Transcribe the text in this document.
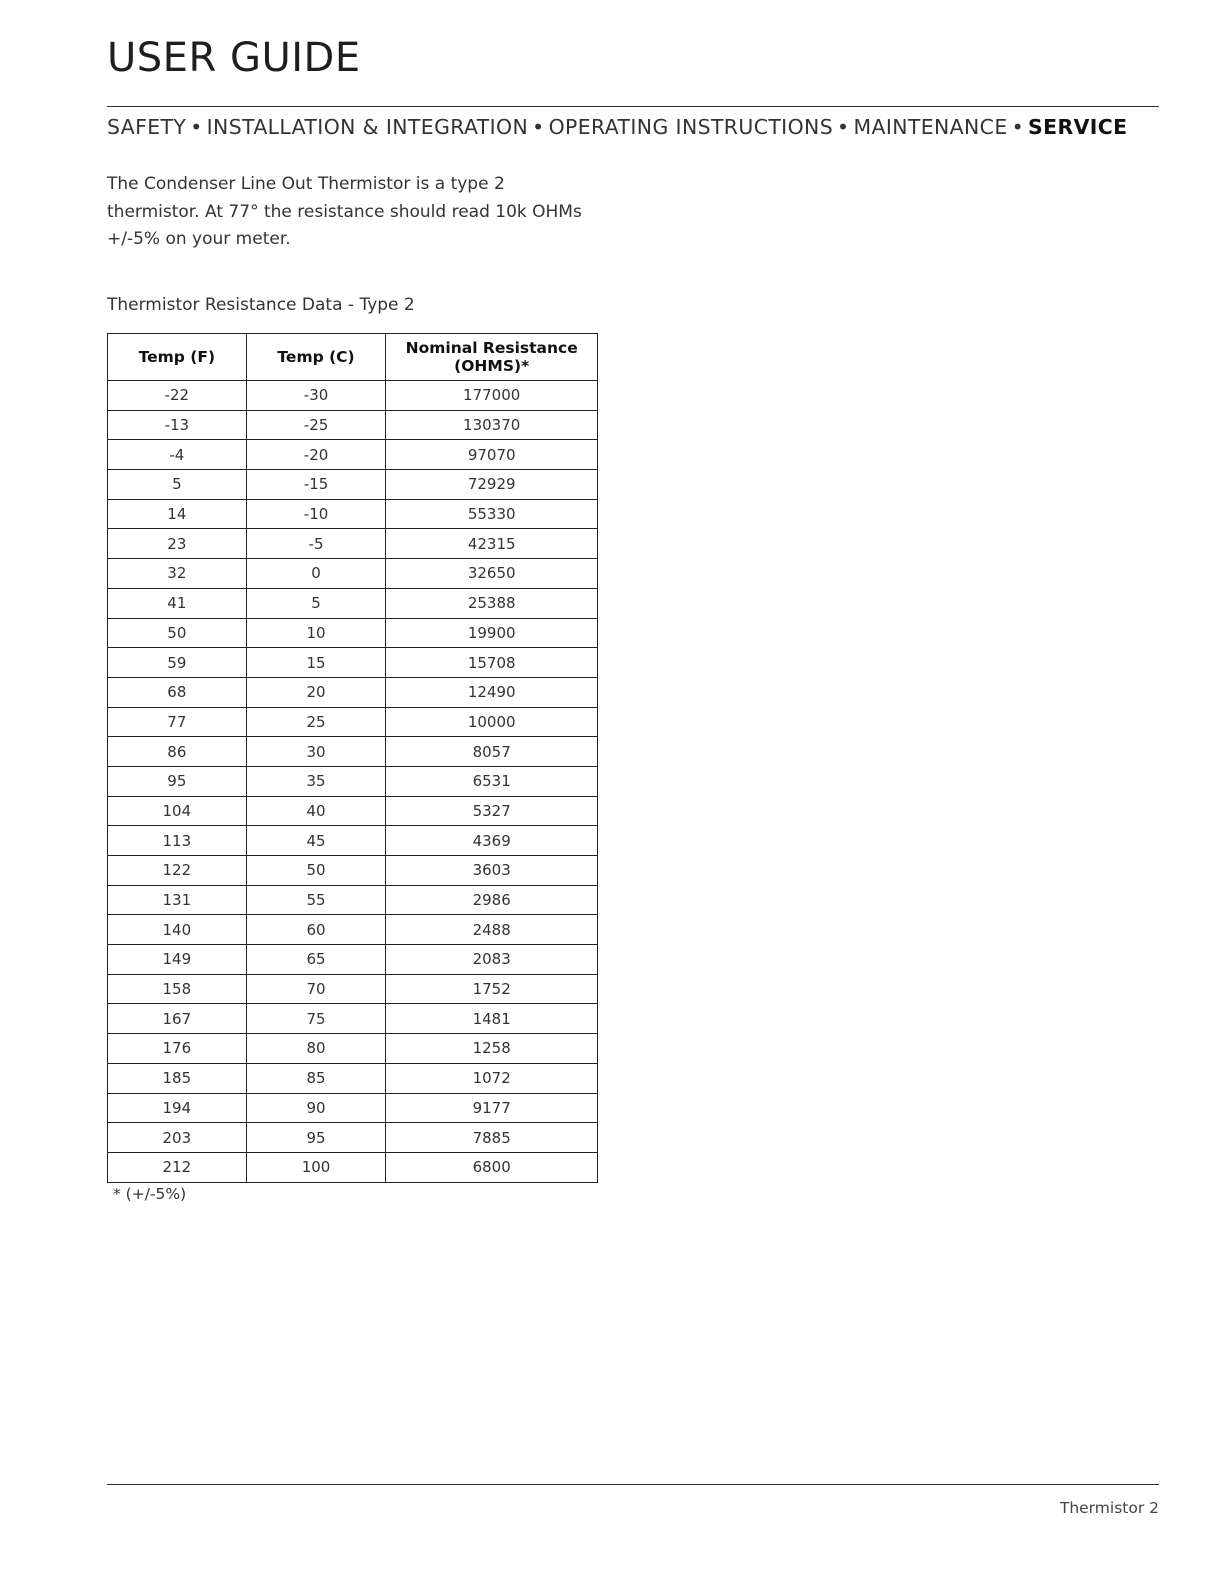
USER GUIDE
SAFETY • INSTALLATION & INTEGRATION • OPERATING INSTRUCTIONS • MAINTENANCE • SERVICE

The Condenser Line Out Thermistor is a type 2
thermistor. At 77° the resistance should read 10k OHMs
+/-5% on your meter.

Thermistor Resistance Data - Type 2
Temp (F)	Temp (C)	Nominal Resistance
(OHMS)*
-22	-30	177000
-13	-25	130370
-4	-20	97070
5	-15	72929
14	-10	55330
23	-5	42315
32	0	32650
41	5	25388
50	10	19900
59	15	15708
68	20	12490
77	25	10000
86	30	8057
95	35	6531
104	40	5327
113	45	4369
122	50	3603
131	55	2986
140	60	2488
149	65	2083
158	70	1752
167	75	1481
176	80	1258
185	85	1072
194	90	9177
203	95	7885
212	100	6800
* (+/-5%)
Thermistor 2
